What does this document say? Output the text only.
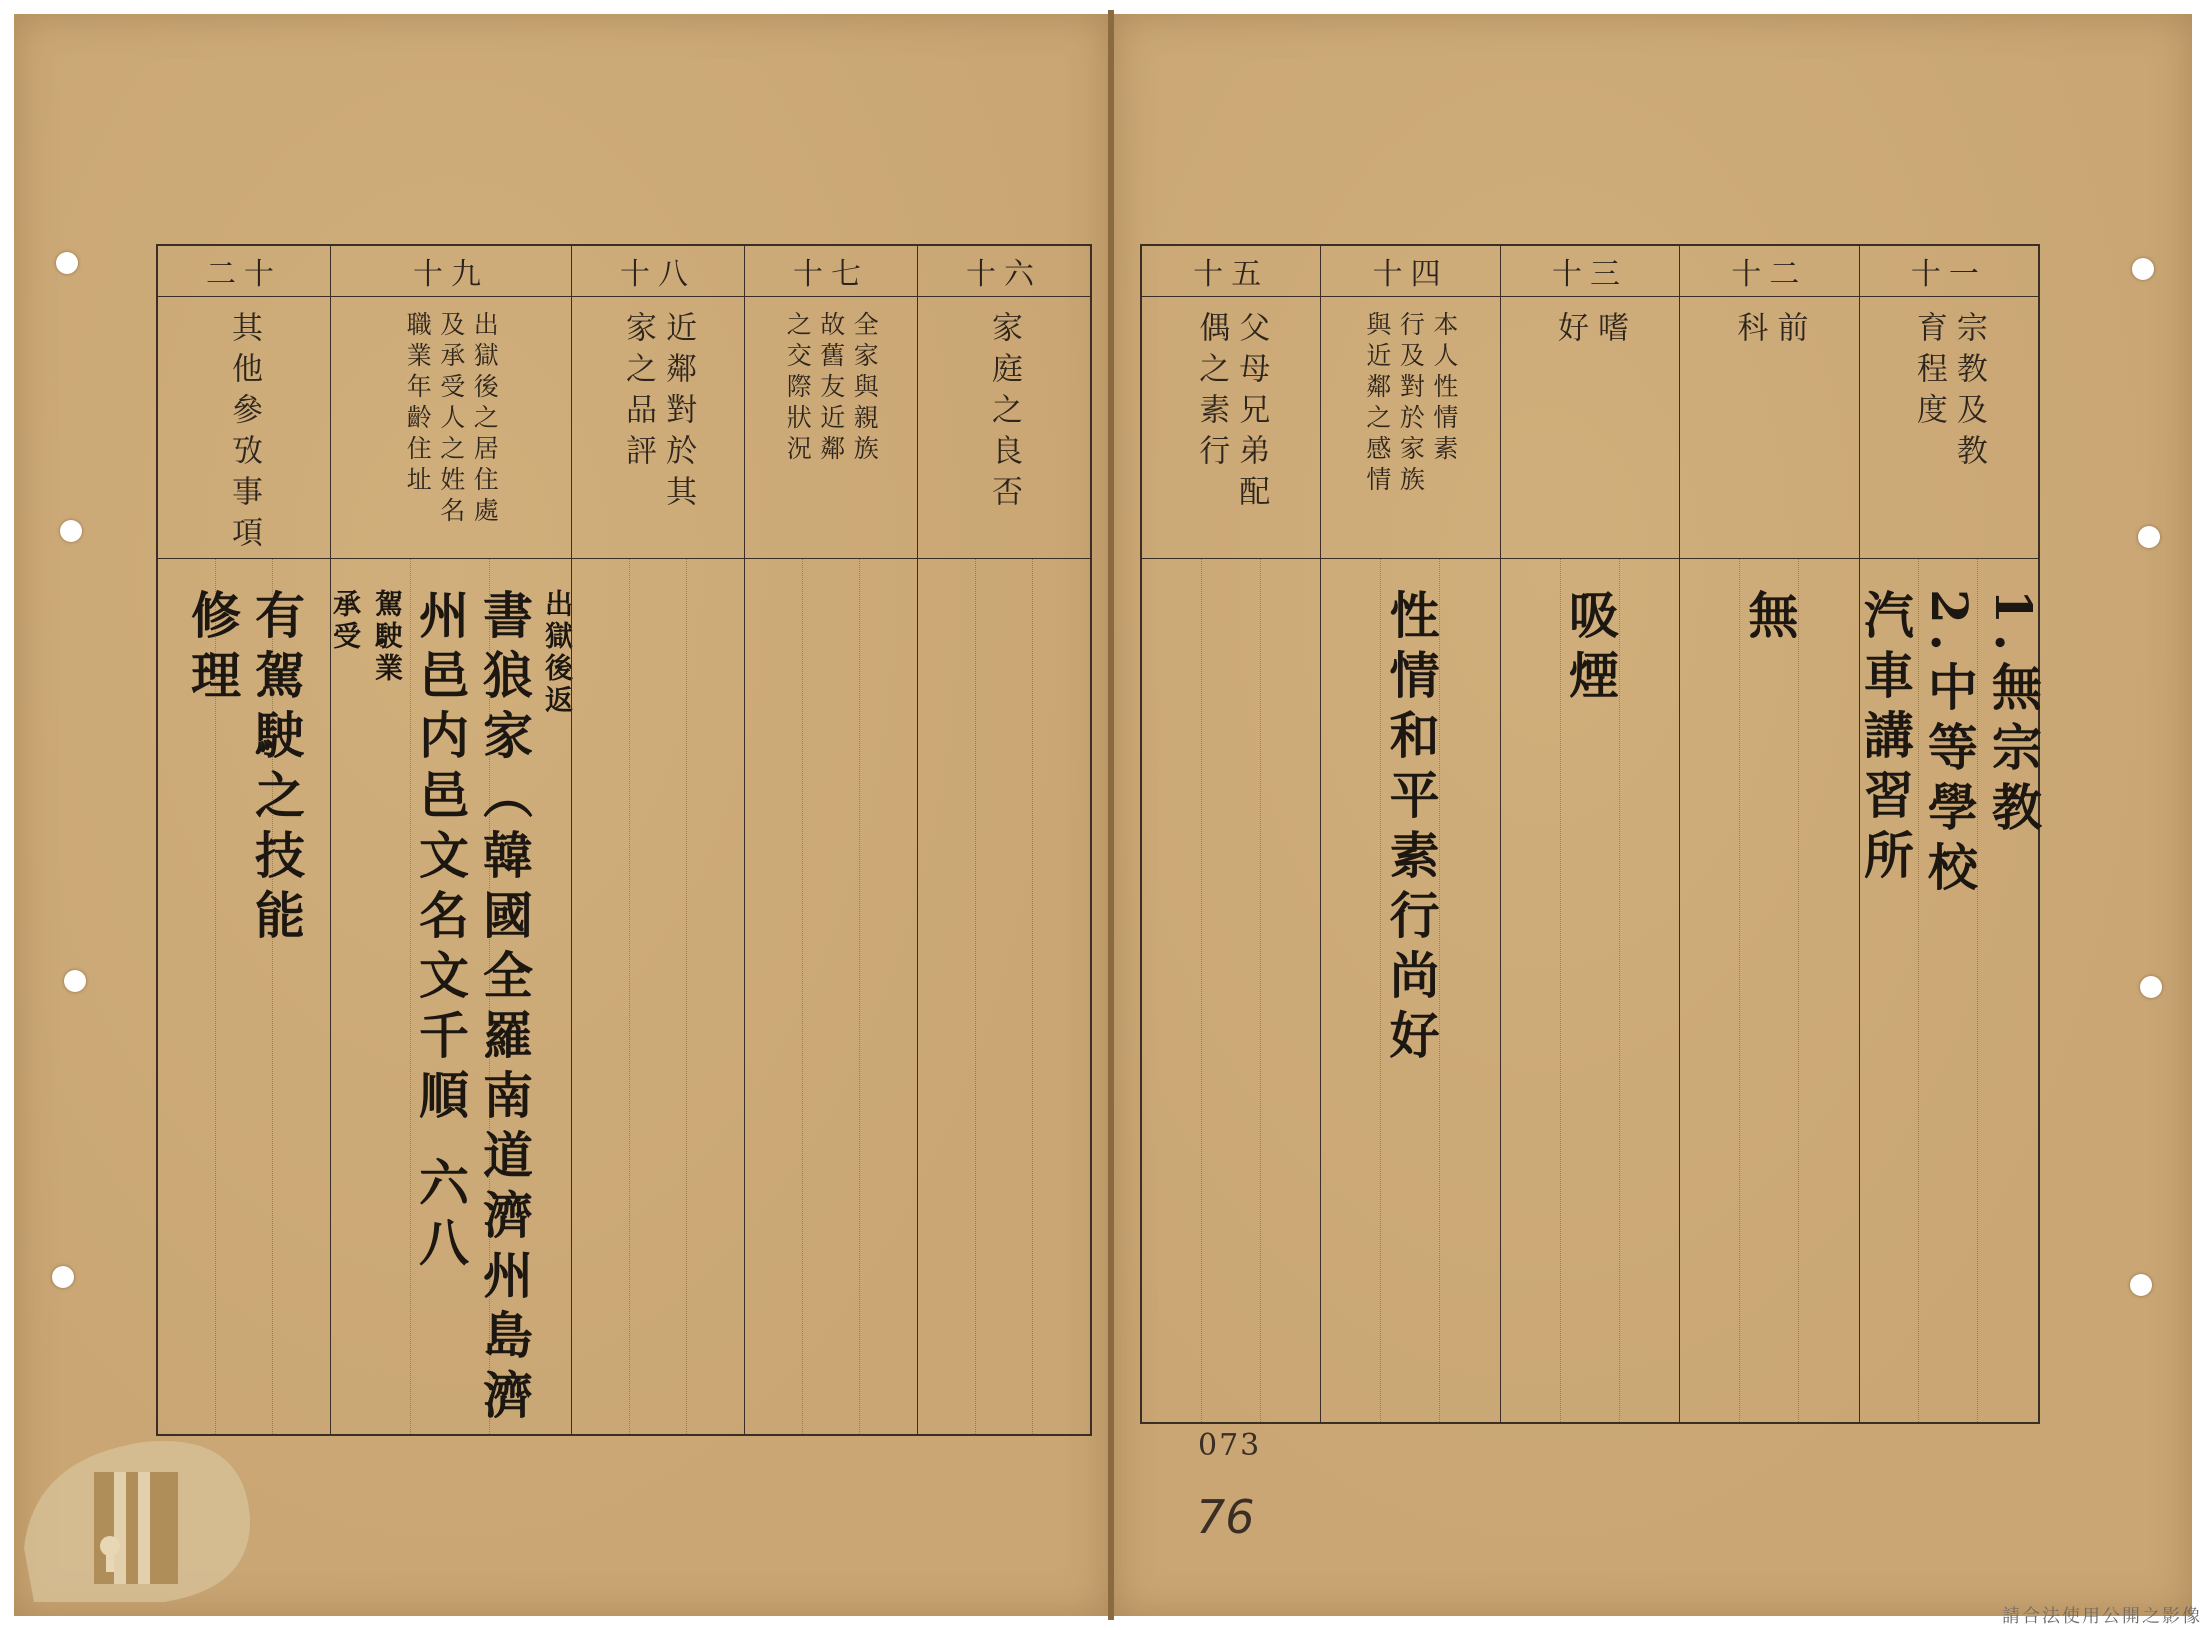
二十
其他參攷事項
有駕駛之技能
修理
十九
出獄後之居住處
及承受人之姓名
職業年齡住址
出獄後返
書狼家（韓國全羅南道濟州島濟
州邑内邑文名文千順 六八
駕駛業
承受
十八
近鄰對於其
家之品評
十七
全家與親族
故舊友近鄰
之交際狀況
十六
家庭之良否
十五
父母兄弟配
偶之素行
十四
本人性情素
行及對於家族
與近鄰之感情
性情和平素行尚好
十三
嗜
好
吸煙
十二
前
科
無
十一
宗教及教
育程度
1.無宗教
2.中等學校
汽車講習所
073
76
請合法使用公開之影像
